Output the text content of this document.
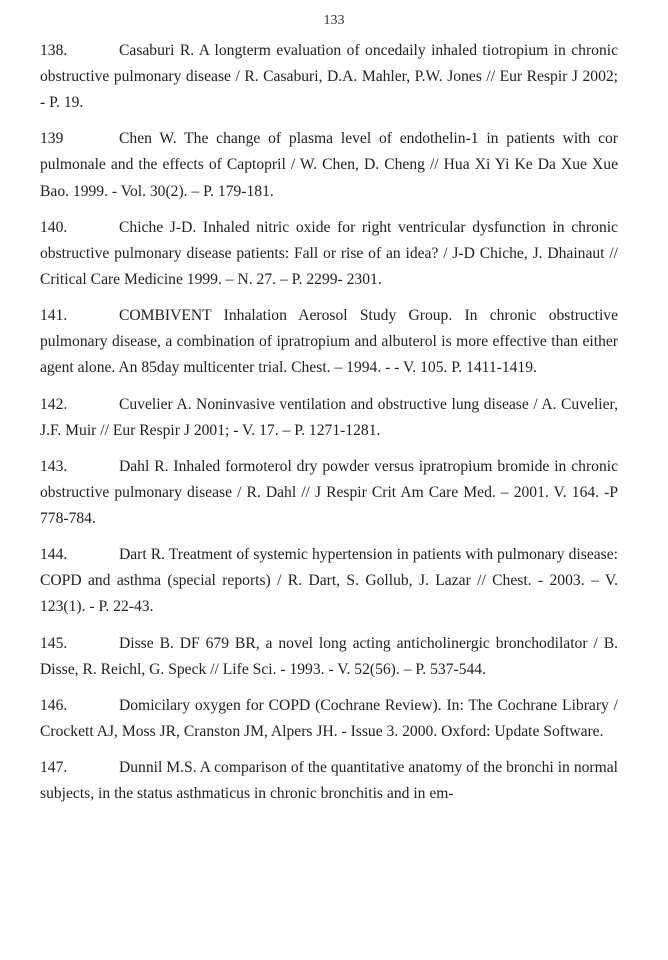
133

138.	Casaburi R. A longterm evaluation of oncedaily inhaled tiotropium in chronic obstructive pulmonary disease / R. Casaburi, D.A. Mahler, P.W. Jones // Eur Respir J 2002; - P. 19.

139	Chen W. The change of plasma level of endothelin-1 in patients with cor pulmonale and the effects of Captopril / W. Chen, D. Cheng // Hua Xi Yi Ke Da Xue Xue Bao. 1999. - Vol. 30(2). – P. 179-181.

140.	Chiche J-D. Inhaled nitric oxide for right ventricular dysfunction in chronic obstructive pulmonary disease patients: Fall or rise of an idea? / J-D Chiche, J. Dhainaut // Critical Care Medicine 1999. – N. 27. – P. 2299- 2301.

141.	COMBIVENT Inhalation Aerosol Study Group. In chronic obstructive pulmonary disease, a combination of ipratropium and albuterol is more effective than either agent alone. An 85day multicenter trial. Chest. – 1994. - - V. 105. P. 1411-1419.

142.	Cuvelier A. Noninvasive ventilation and obstructive lung disease / A. Cuvelier, J.F. Muir // Eur Respir J 2001; - V. 17. – P. 1271-1281.

143.	Dahl R. Inhaled formoterol dry powder versus ipratropium bromide in chronic obstructive pulmonary disease / R. Dahl // J Respir Crit Am Care Med. – 2001. V. 164. -P 778-784.

144.	Dart R. Treatment of systemic hypertension in patients with pulmonary disease: COPD and asthma (special reports) / R. Dart, S. Gollub, J. Lazar // Chest. - 2003. – V. 123(1). - P. 22-43.

145.	Disse B. DF 679 BR, a novel long acting anticholinergic bronchodilator / B. Disse, R. Reichl, G. Speck // Life Sci. - 1993. - V. 52(56). – P. 537-544.

146.	Domicilary oxygen for COPD (Cochrane Review). In: The Cochrane Library / Crockett AJ, Moss JR, Cranston JM, Alpers JH. - Issue 3. 2000. Oxford: Update Software.

147.	Dunnil M.S. A comparison of the quantitative anatomy of the bronchi in normal subjects, in the status asthmaticus in chronic bronchitis and in em-
